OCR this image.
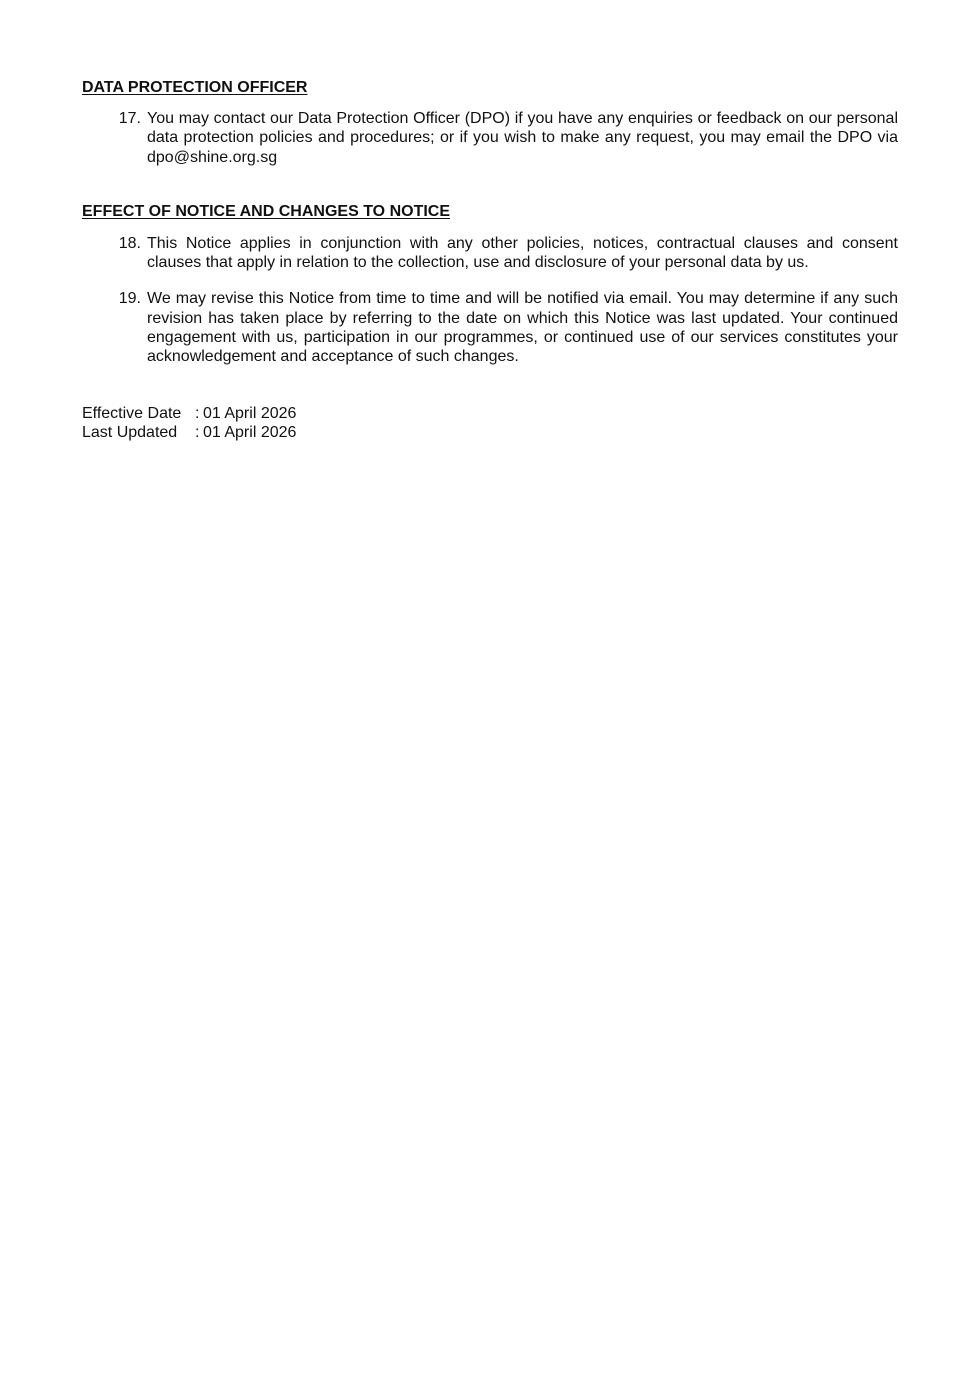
DATA PROTECTION OFFICER
17. You may contact our Data Protection Officer (DPO) if you have any enquiries or feedback on our personal data protection policies and procedures; or if you wish to make any request, you may email the DPO via dpo@shine.org.sg
EFFECT OF NOTICE AND CHANGES TO NOTICE
18. This Notice applies in conjunction with any other policies, notices, contractual clauses and consent clauses that apply in relation to the collection, use and disclosure of your personal data by us.
19. We may revise this Notice from time to time and will be notified via email. You may determine if any such revision has taken place by referring to the date on which this Notice was last updated. Your continued engagement with us, participation in our programmes, or continued use of our services constitutes your acknowledgement and acceptance of such changes.
Effective Date : 01 April 2026
Last Updated	: 01 April 2026
